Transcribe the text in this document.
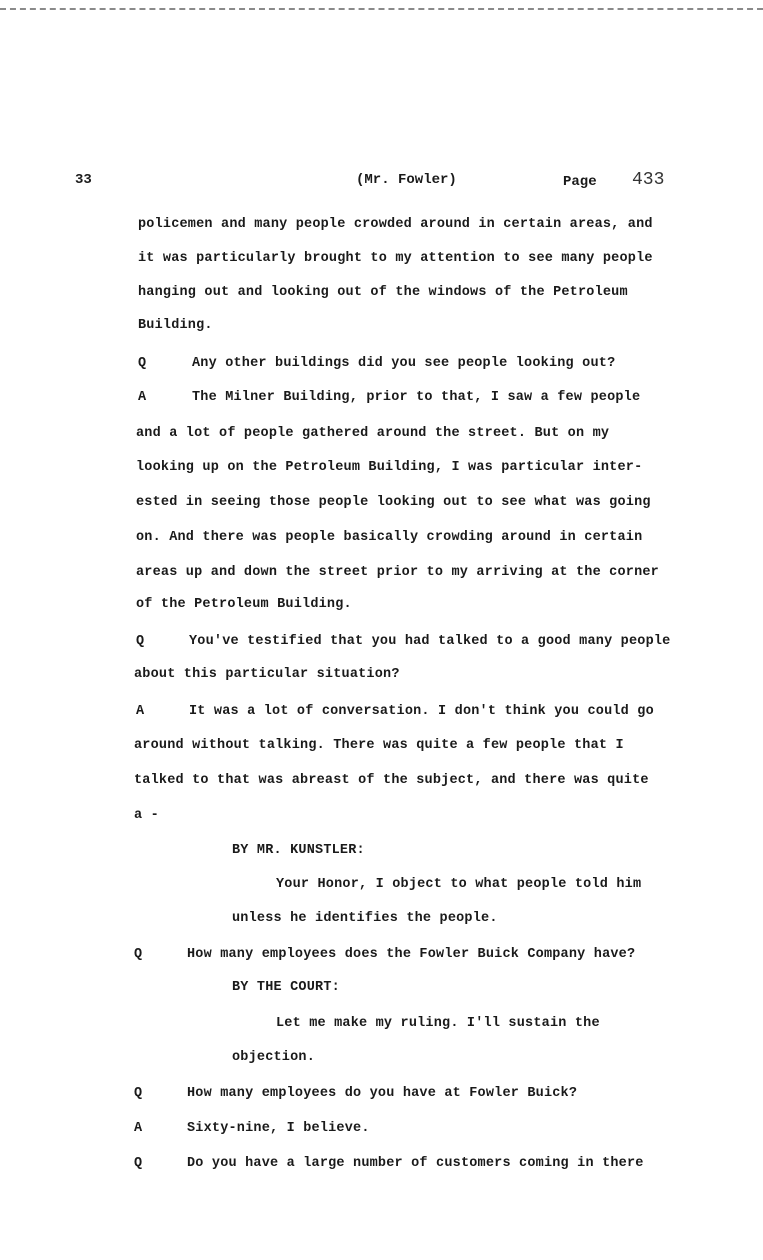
33	(Mr. Fowler)	Page 433
policemen and many people crowded around in certain areas, and
it was particularly brought to my attention to see many people
hanging out and looking out of the windows of the Petroleum
Building.
Q	Any other buildings did you see people looking out?
A	The Milner Building, prior to that, I saw a few people
and a lot of people gathered around the street. But on my
looking up on the Petroleum Building, I was particular inter-
ested in seeing those people looking out to see what was going
on. And there was people basically crowding around in certain
areas up and down the street prior to my arriving at the corner
of the Petroleum Building.
Q	You've testified that you had talked to a good many people
about this particular situation?
A	It was a lot of conversation. I don't think you could go
around without talking. There was quite a few people that I
talked to that was abreast of the subject, and there was quite
a -
BY MR. KUNSTLER:
Your Honor, I object to what people told him
unless he identifies the people.
Q	How many employees does the Fowler Buick Company have?
BY THE COURT:
Let me make my ruling. I'll sustain the
objection.
Q	How many employees do you have at Fowler Buick?
A	Sixty-nine, I believe.
Q	Do you have a large number of customers coming in there
